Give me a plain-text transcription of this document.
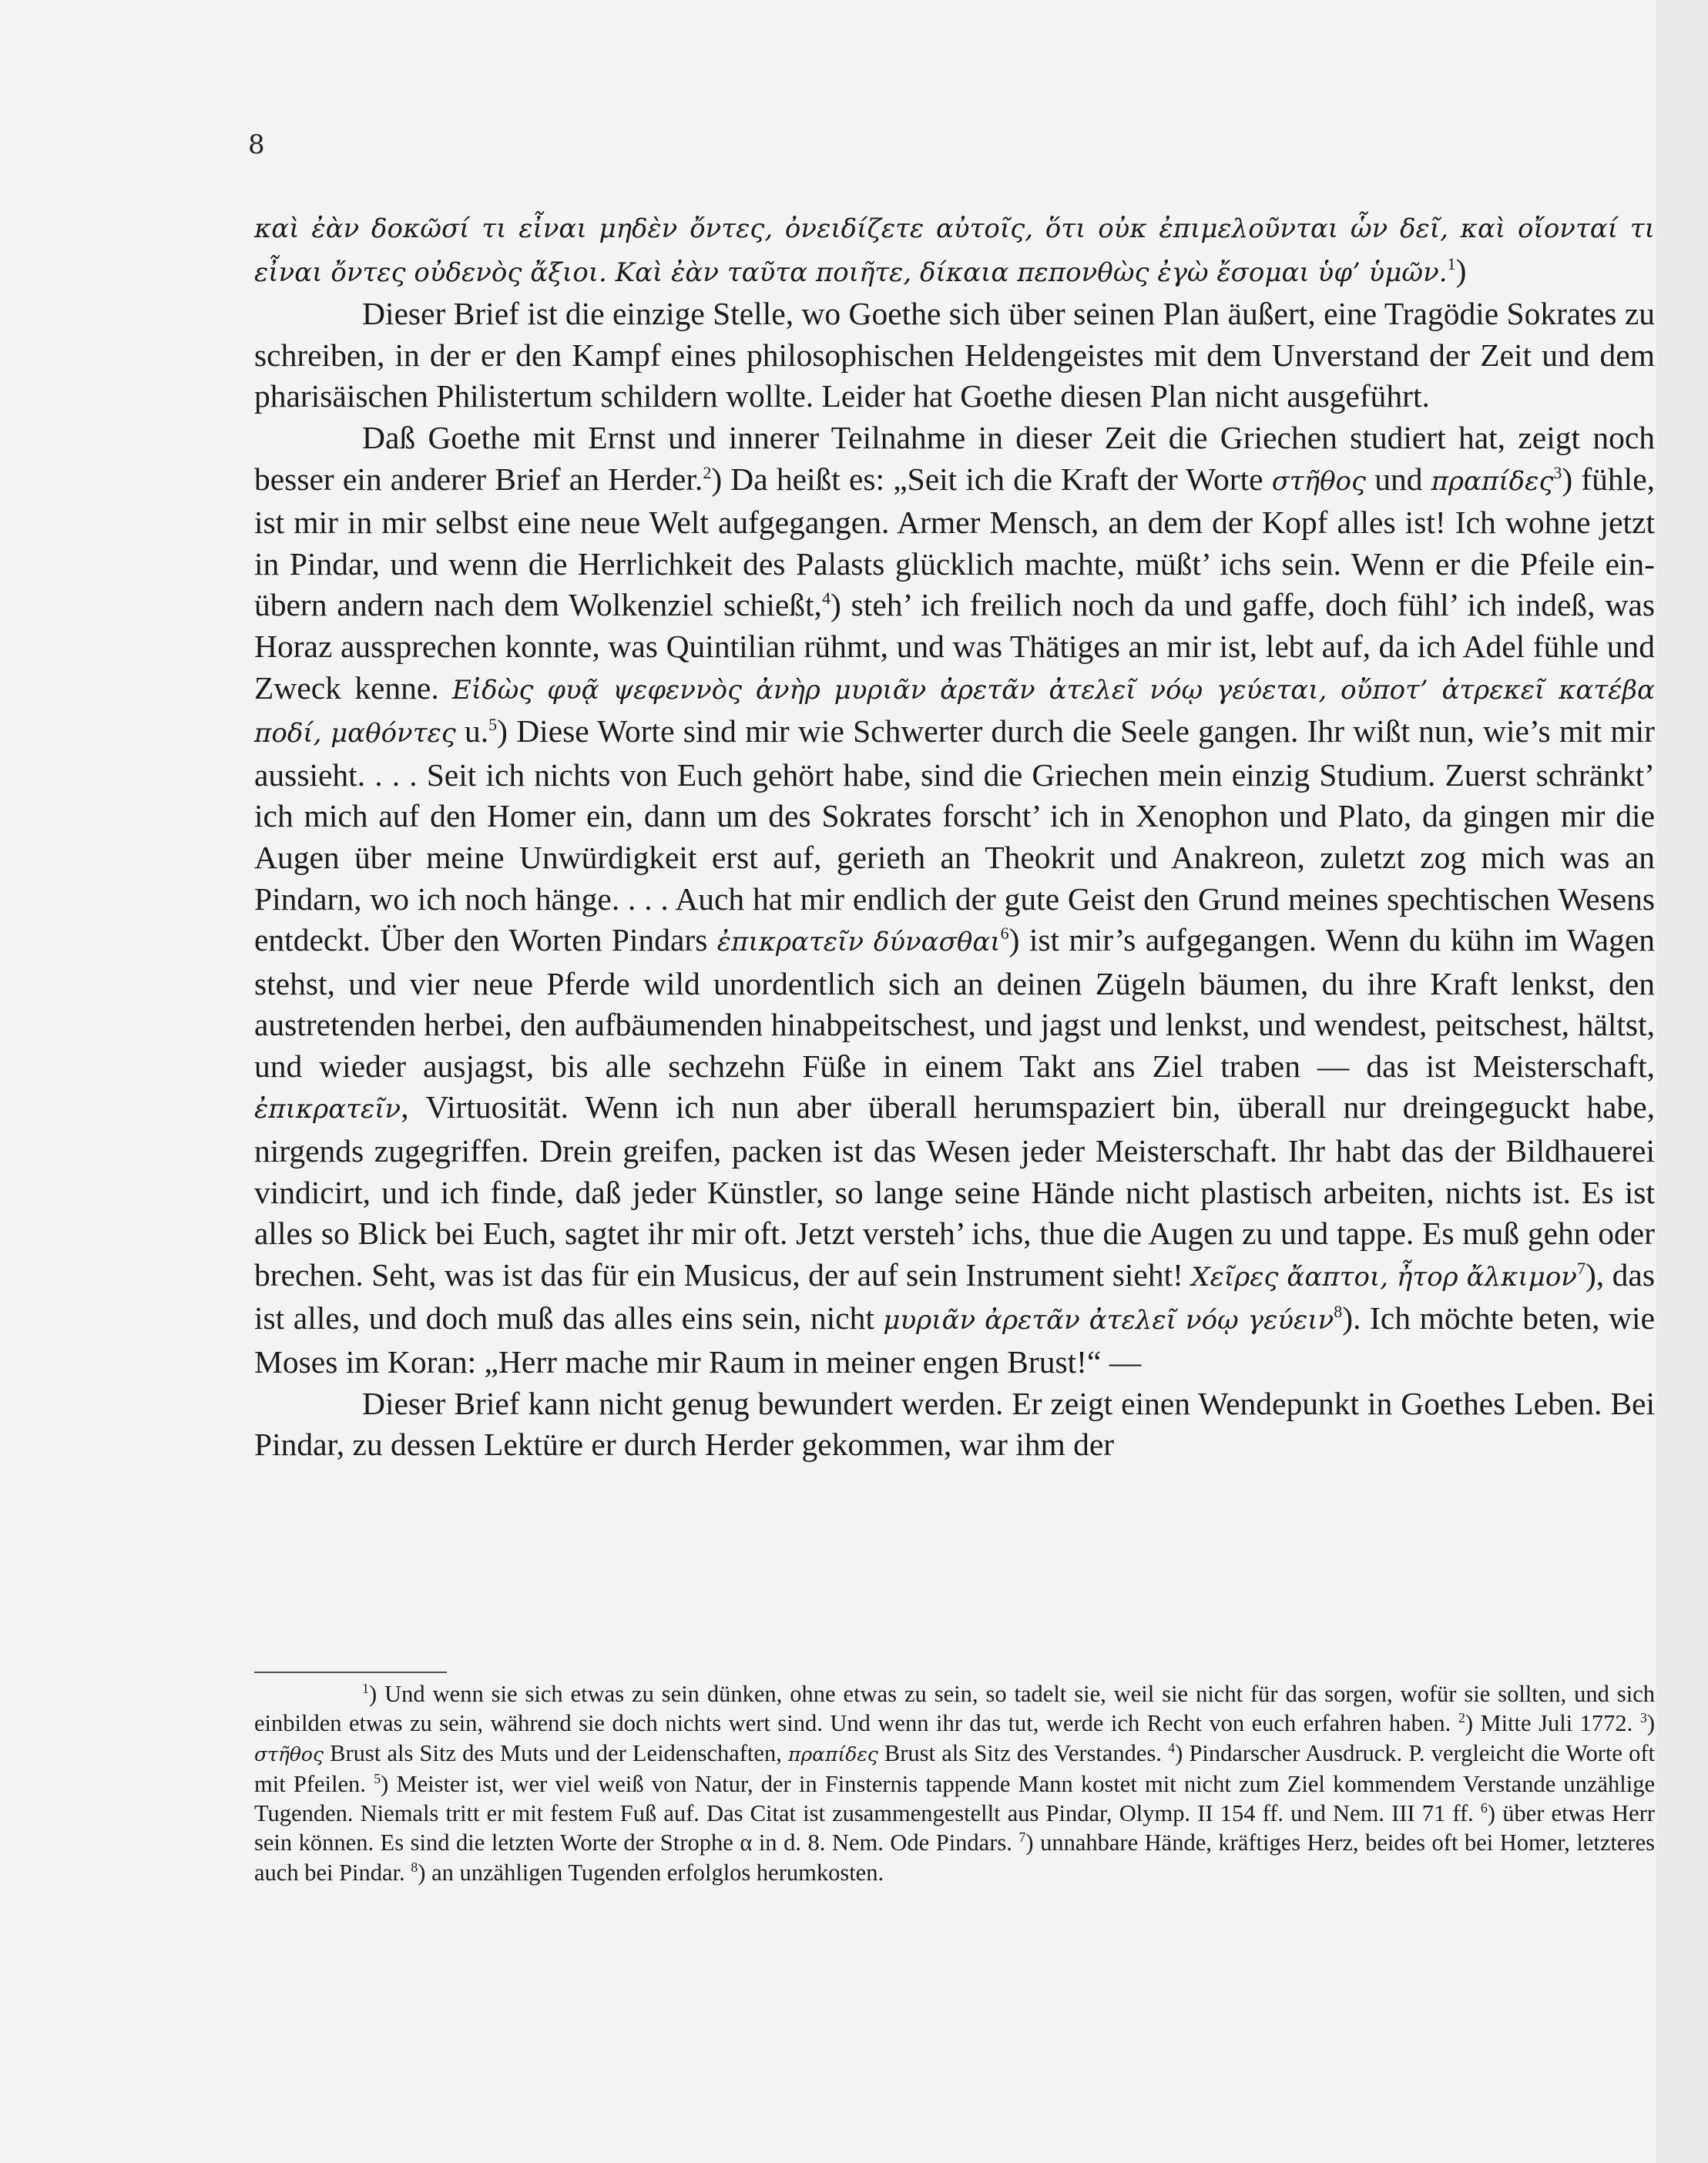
8

καὶ ἐὰν δοκῶσί τι εἶναι μηδὲν ὄντες, ὀνειδίζετε αὐτοῖς, ὅτι οὐκ ἐπιμελοῦνται ὧν δεῖ, καὶ οἴονταί τι εἶναι ὄντες οὐδενὸς ἄξιοι. Καὶ ἐὰν ταῦτα ποιῆτε, δίκαια πεπονθὼς ἐγὼ ἔσομαι ὑφ’ ὑμῶν.$^1$)

Dieser Brief ist die einzige Stelle, wo Goethe sich über seinen Plan äußert, eine Tragödie Sokrates zu schreiben, in der er den Kampf eines philosophischen Heldengeistes mit dem Unverstand der Zeit und dem pharisäischen Philistertum schildern wollte. Leider hat Goethe diesen Plan nicht ausgeführt.

Daß Goethe mit Ernst und innerer Teilnahme in dieser Zeit die Griechen studiert hat, zeigt noch besser ein anderer Brief an Herder.$^2$) Da heißt es: „Seit ich die Kraft der Worte στῆθος und πραπίδες$^3$) fühle, ist mir in mir selbst eine neue Welt aufgegangen. Armer Mensch, an dem der Kopf alles ist! Ich wohne jetzt in Pindar, und wenn die Herrlichkeit des Palasts glücklich machte, müßt’ ichs sein. Wenn er die Pfeile ein- übern andern nach dem Wolkenziel schießt,$^4$) steh’ ich freilich noch da und gaffe, doch fühl’ ich indeß, was Horaz aussprechen konnte, was Quintilian rühmt, und was Thätiges an mir ist, lebt auf, da ich Adel fühle und Zweck kenne. Εἰδὼς φυᾷ ψεφεννὸς ἀνὴρ μυριᾶν ἀρετᾶν ἀτελεῖ νόῳ γεύεται, οὔποτ’ ἀτρεκεῖ κατέβα ποδί, μαθόντες u.$^5$) Diese Worte sind mir wie Schwerter durch die Seele gangen. Ihr wißt nun, wie’s mit mir aussieht. . . . Seit ich nichts von Euch gehört habe, sind die Griechen mein einzig Studium. Zuerst schränkt’ ich mich auf den Homer ein, dann um des Sokrates forscht’ ich in Xenophon und Plato, da gingen mir die Augen über meine Unwürdigkeit erst auf, gerieth an Theokrit und Anakreon, zuletzt zog mich was an Pindarn, wo ich noch hänge. . . . Auch hat mir endlich der gute Geist den Grund meines spechtischen Wesens entdeckt. Über den Worten Pindars ἐπικρατεῖν δύνασθαι$^6$) ist mir’s aufgegangen. Wenn du kühn im Wagen stehst, und vier neue Pferde wild unordentlich sich an deinen Zügeln bäumen, du ihre Kraft lenkst, den austretenden herbei, den aufbäumenden hinabpeitschest, und jagst und lenkst, und wendest, peitschest, hältst, und wieder ausjagst, bis alle sechzehn Füße in einem Takt ans Ziel traben — das ist Meisterschaft, ἐπικρατεῖν, Virtuosität. Wenn ich nun aber überall herumspaziert bin, überall nur dreingeguckt habe, nirgends zugegriffen. Drein greifen, packen ist das Wesen jeder Meisterschaft. Ihr habt das der Bildhauerei vindicirt, und ich finde, daß jeder Künstler, so lange seine Hände nicht plastisch arbeiten, nichts ist. Es ist alles so Blick bei Euch, sagtet ihr mir oft. Jetzt versteh’ ichs, thue die Augen zu und tappe. Es muß gehn oder brechen. Seht, was ist das für ein Musicus, der auf sein Instrument sieht! Χεῖρες ἄαπτοι, ἦτορ ἄλκιμον$^7$), das ist alles, und doch muß das alles eins sein, nicht μυριᾶν ἀρετᾶν ἀτελεῖ νόῳ γεύειν$^8$). Ich möchte beten, wie Moses im Koran: „Herr mache mir Raum in meiner engen Brust!“ —

Dieser Brief kann nicht genug bewundert werden. Er zeigt einen Wendepunkt in Goethes Leben. Bei Pindar, zu dessen Lektüre er durch Herder gekommen, war ihm der

$^1$) Und wenn sie sich etwas zu sein dünken, ohne etwas zu sein, so tadelt sie, weil sie nicht für das sorgen, wofür sie sollten, und sich einbilden etwas zu sein, während sie doch nichts wert sind. Und wenn ihr das tut, werde ich Recht von euch erfahren haben. $^2$) Mitte Juli 1772. $^3$) στῆθος Brust als Sitz des Muts und der Leidenschaften, πραπίδες Brust als Sitz des Verstandes. $^4$) Pindarscher Ausdruck. P. vergleicht die Worte oft mit Pfeilen. $^5$) Meister ist, wer viel weiß von Natur, der in Finsternis tappende Mann kostet mit nicht zum Ziel kommendem Verstande unzählige Tugenden. Niemals tritt er mit festem Fuß auf. Das Citat ist zusammengestellt aus Pindar, Olymp. II 154 ff. und Nem. III 71 ff. $^6$) über etwas Herr sein können. Es sind die letzten Worte der Strophe α in d. 8. Nem. Ode Pindars. $^7$) unnahbare Hände, kräftiges Herz, beides oft bei Homer, letzteres auch bei Pindar. $^8$) an unzähligen Tugenden erfolglos herumkosten.
